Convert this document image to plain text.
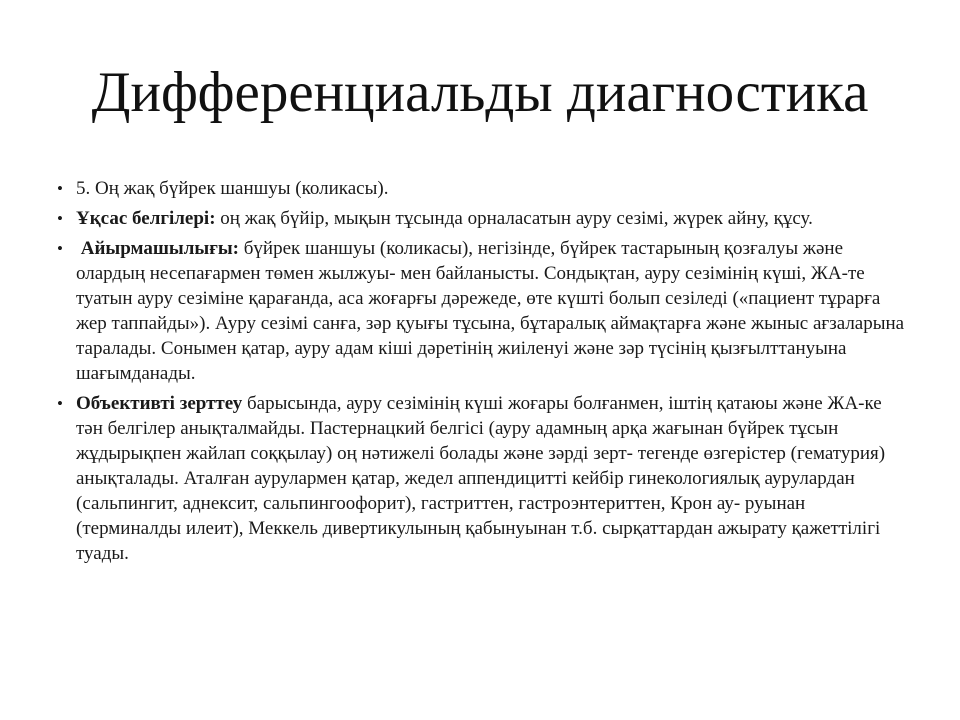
Дифференциальды диагностика
• 5. Оң жақ бүйрек шаншуы (коликасы).
• Ұқсас белгілері: оң жақ бүйір, мықын тұсында орналасатын ауру сезімі, жүрек айну, құсу.
• Айырмашылығы: бүйрек шаншуы (коликасы), негізінде, бүйрек тастарының қозғалуы және олардың несепағармен төмен жылжуы- мен байланысты. Сондықтан, ауру сезімінің күші, ЖА-те туатын ауру сезіміне қарағанда, аса жоғарғы дәрежеде, өте күшті болып сезіледі («пациент тұрарға жер таппайды»). Ауру сезімі санға, зәр қуығы тұсына, бұтаралық аймақтарға және жыныс ағзаларына таралады. Сонымен қатар, ауру адам кіші дәретінің жиіленуі және зәр түсінің қызғылттануына шағымданады.
• Объективті зерттеу барысында, ауру сезімінің күші жоғары болғанмен, іштің қатаюы және ЖА-ке тән белгілер анықталмайды. Пастернацкий белгісі (ауру адамның арқа жағынан бүйрек тұсын жұдырықпен жайлап соққылау) оң нәтижелі болады және зәрді зерт- тегенде өзгерістер (гематурия) анықталады. Аталған аурулармен қатар, жедел аппендицитті кейбір гинекологиялық аурулардан (сальпингит, аднексит, сальпингоофорит), гастриттен, гастроэнтериттен, Крон ау- руынан (терминалды илеит), Меккель дивертикулының қабынуынан т.б. сырқаттардан ажырату қажеттілігі туады.
